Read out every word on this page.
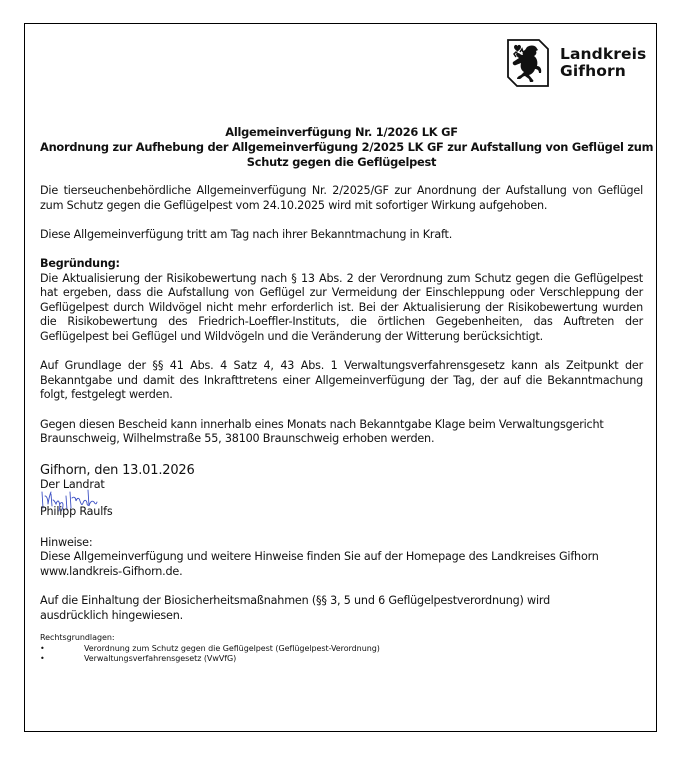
Landkreis
Gifhorn
Allgemeinverfügung Nr. 1/2026 LK GF
Anordnung zur Aufhebung der Allgemeinverfügung 2/2025 LK GF zur Aufstallung von Geflügel zum
Schutz gegen die Geflügelpest

Die tierseuchenbehördliche Allgemeinverfügung Nr. 2/2025/GF zur Anordnung der Aufstallung von Geflügel zum Schutz gegen die Geflügelpest vom 24.10.2025 wird mit sofortiger Wirkung aufgehoben.

Diese Allgemeinverfügung tritt am Tag nach ihrer Bekanntmachung in Kraft.

Begründung:

Die Aktualisierung der Risikobewertung nach § 13 Abs. 2 der Verordnung zum Schutz gegen die Geflügelpest hat ergeben, dass die Aufstallung von Geflügel zur Vermeidung der Einschleppung oder Verschleppung der Geflügelpest durch Wildvögel nicht mehr erforderlich ist. Bei der Aktualisierung der Risikobewertung wurden die Risikobewertung des Friedrich-Loeffler-Instituts, die örtlichen Gegebenheiten, das Auftreten der Geflügelpest bei Geflügel und Wildvögeln und die Veränderung der Witterung berücksichtigt.

Auf Grundlage der §§ 41 Abs. 4 Satz 4, 43 Abs. 1 Verwaltungsverfahrensgesetz kann als Zeitpunkt der Bekanntgabe und damit des Inkrafttretens einer Allgemeinverfügung der Tag, der auf die Bekanntmachung folgt, festgelegt werden.

Gegen diesen Bescheid kann innerhalb eines Monats nach Bekanntgabe Klage beim Verwaltungsgericht Braunschweig, Wilhelmstraße 55, 38100 Braunschweig erhoben werden.

Gifhorn, den 13.01.2026

Der Landrat
Philipp Raulfs

Hinweise:

Diese Allgemeinverfügung und weitere Hinweise finden Sie auf der Homepage des Landkreises Gifhorn

www.landkreis-Gifhorn.de.

Auf die Einhaltung der Biosicherheitsmaßnahmen (§§ 3, 5 und 6 Geflügelpestverordnung) wird

ausdrücklich hingewiesen.

Rechtsgrundlagen:
•	Verordnung zum Schutz gegen die Geflügelpest (Geflügelpest-Verordnung)
•	Verwaltungsverfahrensgesetz (VwVfG)
